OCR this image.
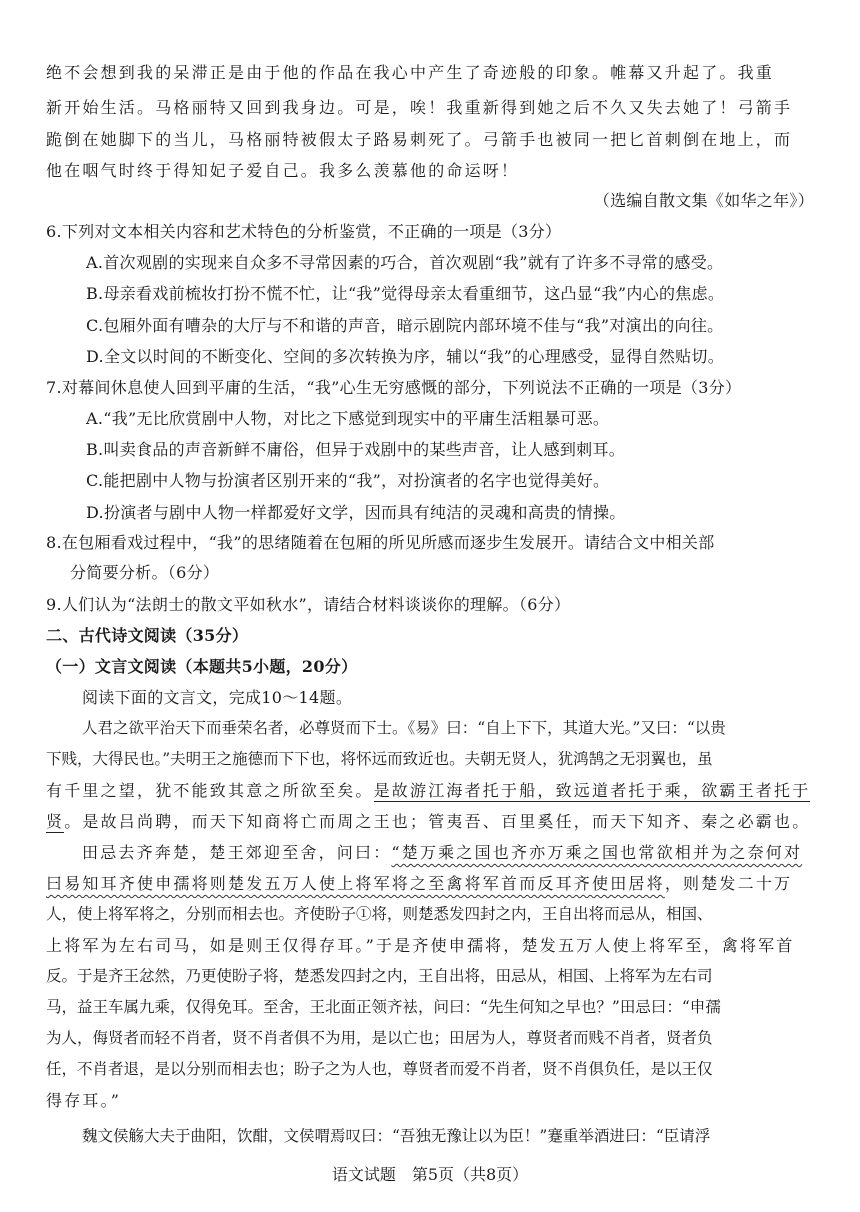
绝不会想到我的呆滞正是由于他的作品在我心中产生了奇迹般的印象。帷幕又升起了。我重
新开始生活。马格丽特又回到我身边。可是，唉！我重新得到她之后不久又失去她了！弓箭手
跪倒在她脚下的当儿，马格丽特被假太子路易刺死了。弓箭手也被同一把匕首刺倒在地上，而
他在咽气时终于得知妃子爱自己。我多么羡慕他的命运呀！
（选编自散文集《如华之年》）
6.下列对文本相关内容和艺术特色的分析鉴赏，不正确的一项是（3分）
A.首次观剧的实现来自众多不寻常因素的巧合，首次观剧“我”就有了许多不寻常的感受。
B.母亲看戏前梳妆打扮不慌不忙，让“我”觉得母亲太看重细节，这凸显“我”内心的焦虑。
C.包厢外面有嘈杂的大厅与不和谐的声音，暗示剧院内部环境不佳与“我”对演出的向往。
D.全文以时间的不断变化、空间的多次转换为序，辅以“我”的心理感受，显得自然贴切。
7.对幕间休息使人回到平庸的生活，“我”心生无穷感慨的部分，下列说法不正确的一项是（3分）
A.“我”无比欣赏剧中人物，对比之下感觉到现实中的平庸生活粗暴可恶。
B.叫卖食品的声音新鲜不庸俗，但异于戏剧中的某些声音，让人感到刺耳。
C.能把剧中人物与扮演者区别开来的“我”，对扮演者的名字也觉得美好。
D.扮演者与剧中人物一样都爱好文学，因而具有纯洁的灵魂和高贵的情操。
8.在包厢看戏过程中，“我”的思绪随着在包厢的所见所感而逐步生发展开。请结合文中相关部
分简要分析。（6分）
9.人们认为“法朗士的散文平如秋水”，请结合材料谈谈你的理解。（6分）
二、古代诗文阅读（35分）
（一）文言文阅读（本题共5小题，20分）
阅读下面的文言文，完成10～14题。
人君之欲平治天下而垂荣名者，必尊贤而下士。《易》曰：“自上下下，其道大光。”又曰：“以贵
下贱，大得民也。”夫明王之施德而下下也，将怀远而致近也。夫朝无贤人，犹鸿鹄之无羽翼也，虽
有千里之望，犹不能致其意之所欲至矣。是故游江海者托于船，致远道者托于乘，欲霸王者托于
贤。是故吕尚聘，而天下知商将亡而周之王也；管夷吾、百里奚任，而天下知齐、秦之必霸也。
田忌去齐奔楚，楚王郊迎至舍，问曰：“楚万乘之国也齐亦万乘之国也常欲相并为之奈何对
曰易知耳齐使申孺将则楚发五万人使上将军将之至禽将军首而反耳齐使田居将，则楚发二十万
人，使上将军将之，分别而相去也。齐使盼子①将，则楚悉发四封之内，王自出将而忌从，相国、
上将军为左右司马，如是则王仅得存耳。”于是齐使申孺将，楚发五万人使上将军至，禽将军首
反。于是齐王忿然，乃更使盼子将，楚悉发四封之内，王自出将，田忌从，相国、上将军为左右司
马，益王车属九乘，仅得免耳。至舍，王北面正领齐袪，问曰：“先生何知之早也？”田忌曰：“申孺
为人，侮贤者而轻不肖者，贤不肖者俱不为用，是以亡也；田居为人，尊贤者而贱不肖者，贤者负
任，不肖者退，是以分别而相去也；盼子之为人也，尊贤者而爱不肖者，贤不肖俱负任，是以王仅
得存耳。”
魏文侯觞大夫于曲阳，饮酣，文侯喟焉叹曰：“吾独无豫让以为臣！”蹇重举酒进曰：“臣请浮
语文试题　第5页（共8页）
